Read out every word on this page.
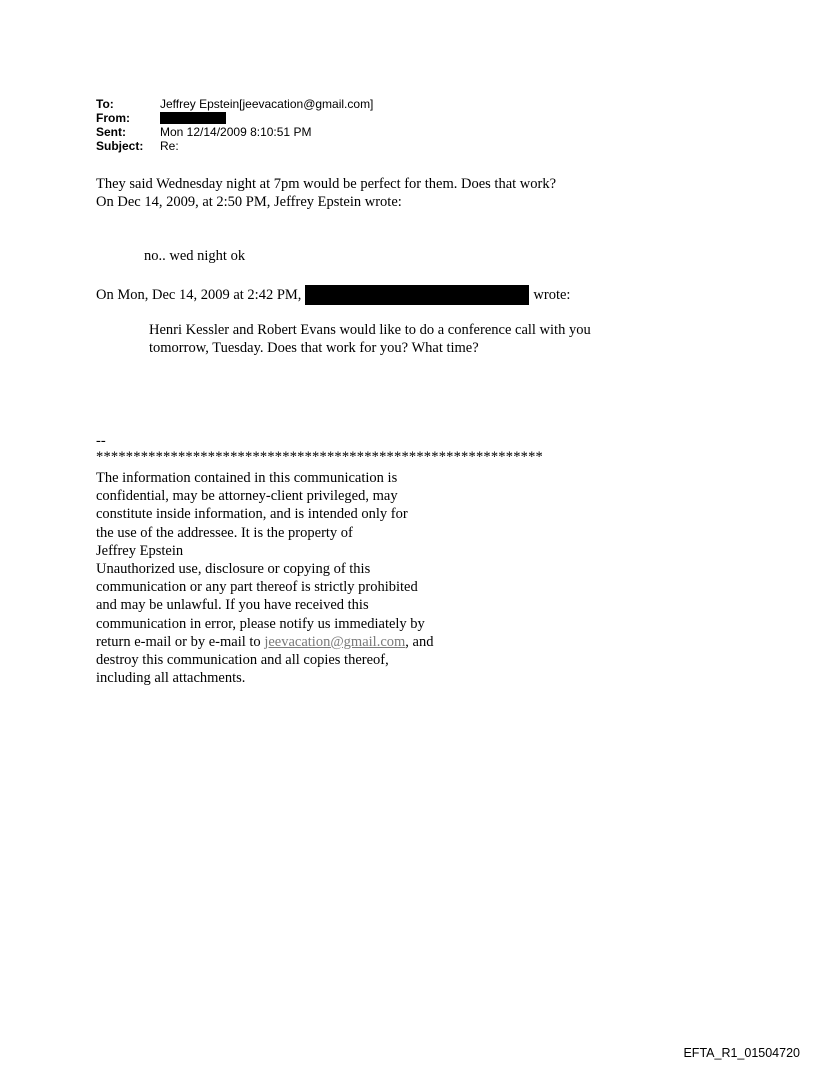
To:	Jeffrey Epstein[jeevacation@gmail.com]
From:
Sent:	Mon 12/14/2009 8:10:51 PM
Subject:	Re:
They said Wednesday night at 7pm would be perfect for them. Does that work?
On Dec 14, 2009, at 2:50 PM, Jeffrey Epstein wrote:
no.. wed night ok
On Mon, Dec 14, 2009 at 2:42 PM,	wrote:
Henri Kessler and Robert Evans would like to do a conference call with you
tomorrow, Tuesday. Does that work for you? What time?
--
************************************************************
The information contained in this communication is
confidential, may be attorney-client privileged, may
constitute inside information, and is intended only for
the use of the addressee. It is the property of
Jeffrey Epstein
Unauthorized use, disclosure or copying of this
communication or any part thereof is strictly prohibited
and may be unlawful. If you have received this
communication in error, please notify us immediately by
return e-mail or by e-mail to jeevacation@gmail.com, and
destroy this communication and all copies thereof,
including all attachments.
EFTA_R1_01504720
